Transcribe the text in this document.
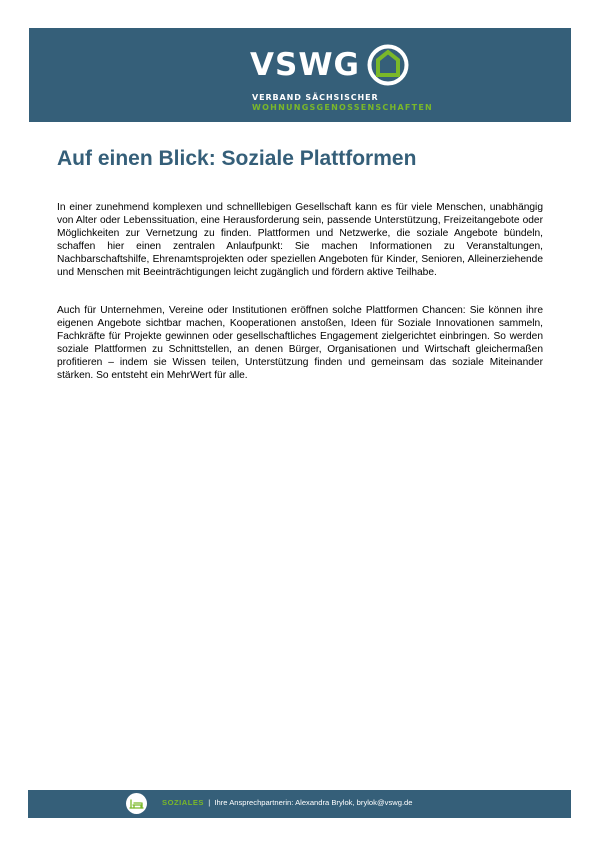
VSWG
VERBAND SÄCHSISCHER
WOHNUNGSGENOSSENSCHAFTEN
Auf einen Blick: Soziale Plattformen

In einer zunehmend komplexen und schnelllebigen Gesellschaft kann es für viele Menschen, unabhängig von Alter oder Lebenssituation, eine Herausforderung sein, passende Unterstützung, Freizeitangebote oder Möglichkeiten zur Vernetzung zu finden. Plattformen und Netzwerke, die soziale Angebote bündeln, schaffen hier einen zentralen Anlaufpunkt: Sie machen Informationen zu Veranstaltungen, Nachbarschaftshilfe, Ehrenamtsprojekten oder speziellen Angeboten für Kinder, Senioren, Alleinerziehende und Menschen mit Beeinträchtigungen leicht zugänglich und fördern aktive Teilhabe.

Auch für Unternehmen, Vereine oder Institutionen eröffnen solche Plattformen Chancen: Sie können ihre eigenen Angebote sichtbar machen, Kooperationen anstoßen, Ideen für Soziale Innovationen sammeln, Fachkräfte für Projekte gewinnen oder gesellschaftliches Engagement zielgerichtet einbringen. So werden soziale Plattformen zu Schnittstellen, an denen Bürger, Organisationen und Wirtschaft gleichermaßen profitieren – indem sie Wissen teilen, Unterstützung finden und gemeinsam das soziale Miteinander stärken. So entsteht ein MehrWert für alle.

SOZIALES | Ihre Ansprechpartnerin: Alexandra Brylok, brylok@vswg.de
